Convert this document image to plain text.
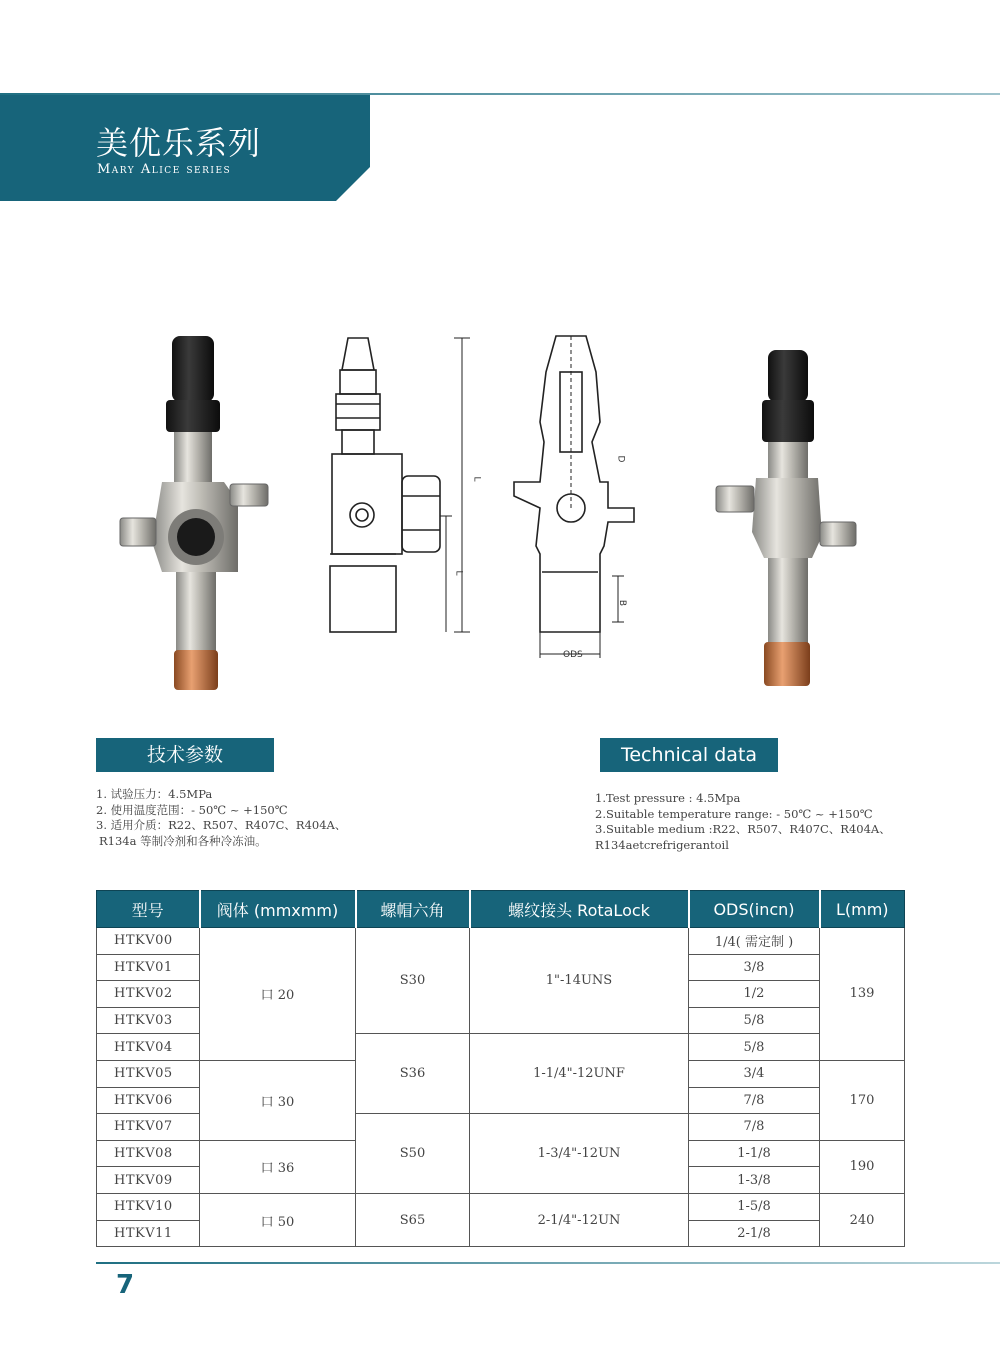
美优乐系列
Mary Alice series
L
L
ODS
B
D
技术参数	Technical data
1. 试验压力：4.5MPa
2. 使用温度范围：- 50℃ ~ +150℃
3. 适用介质：R22、R507、R407C、R404A、
R134a 等制冷剂和各种冷冻油。
1.Test pressure : 4.5Mpa
2.Suitable temperature range: - 50℃ ~ +150℃
3.Suitable medium :R22、R507、R407C、R404A、
R134aetcrefrigerantoil
型号	阀体 (mmxmm)	螺帽六角	螺纹接头 RotaLock	ODS(incn)	L(mm)
HTKV00	口 20	S30	1"-14UNS	1/4( 需定制 )	139
HTKV01				3/8	
HTKV02				1/2	
HTKV03				5/8	
HTKV04		S36	1-1/4"-12UNF	5/8	
HTKV05	口 30			3/4	170
HTKV06				7/8	
HTKV07		S50	1-3/4"-12UN	7/8	
HTKV08	口 36			1-1/8	190
HTKV09				1-3/8	
HTKV10	口 50	S65	2-1/4"-12UN	1-5/8	240
HTKV11				2-1/8	
7
